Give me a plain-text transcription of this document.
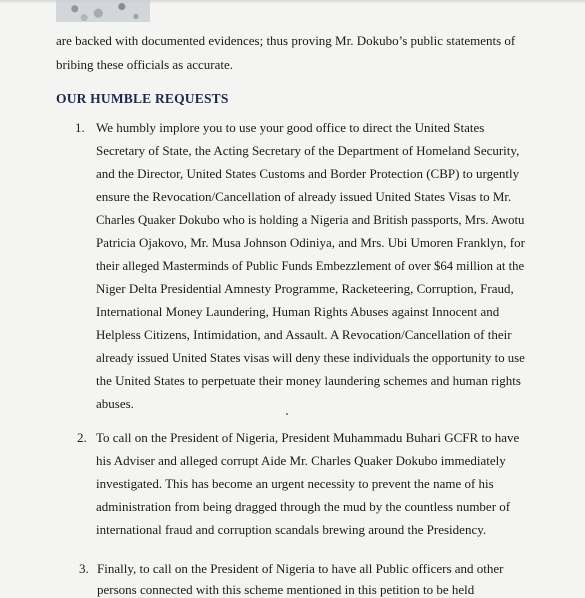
are backed with documented evidences; thus proving Mr. Dokubo’s public statements of
bribing these officials as accurate.
OUR HUMBLE REQUESTS
1. We humbly implore you to use your good office to direct the United States
Secretary of State, the Acting Secretary of the Department of Homeland Security,
and the Director, United States Customs and Border Protection (CBP) to urgently
ensure the Revocation/Cancellation of already issued United States Visas to Mr.
Charles Quaker Dokubo who is holding a Nigeria and British passports, Mrs. Awotu
Patricia Ojakovo, Mr. Musa Johnson Odiniya, and Mrs. Ubi Umoren Franklyn, for
their alleged Masterminds of Public Funds Embezzlement of over $64 million at the
Niger Delta Presidential Amnesty Programme, Racketeering, Corruption, Fraud,
International Money Laundering, Human Rights Abuses against Innocent and
Helpless Citizens, Intimidation, and Assault. A Revocation/Cancellation of their
already issued United States visas will deny these individuals the opportunity to use
the United States to perpetuate their money laundering schemes and human rights
abuses.
2. To call on the President of Nigeria, President Muhammadu Buhari GCFR to have
his Adviser and alleged corrupt Aide Mr. Charles Quaker Dokubo immediately
investigated. This has become an urgent necessity to prevent the name of his
administration from being dragged through the mud by the countless number of
international fraud and corruption scandals brewing around the Presidency.
3. Finally, to call on the President of Nigeria to have all Public officers and other
persons connected with this scheme mentioned in this petition to be held
